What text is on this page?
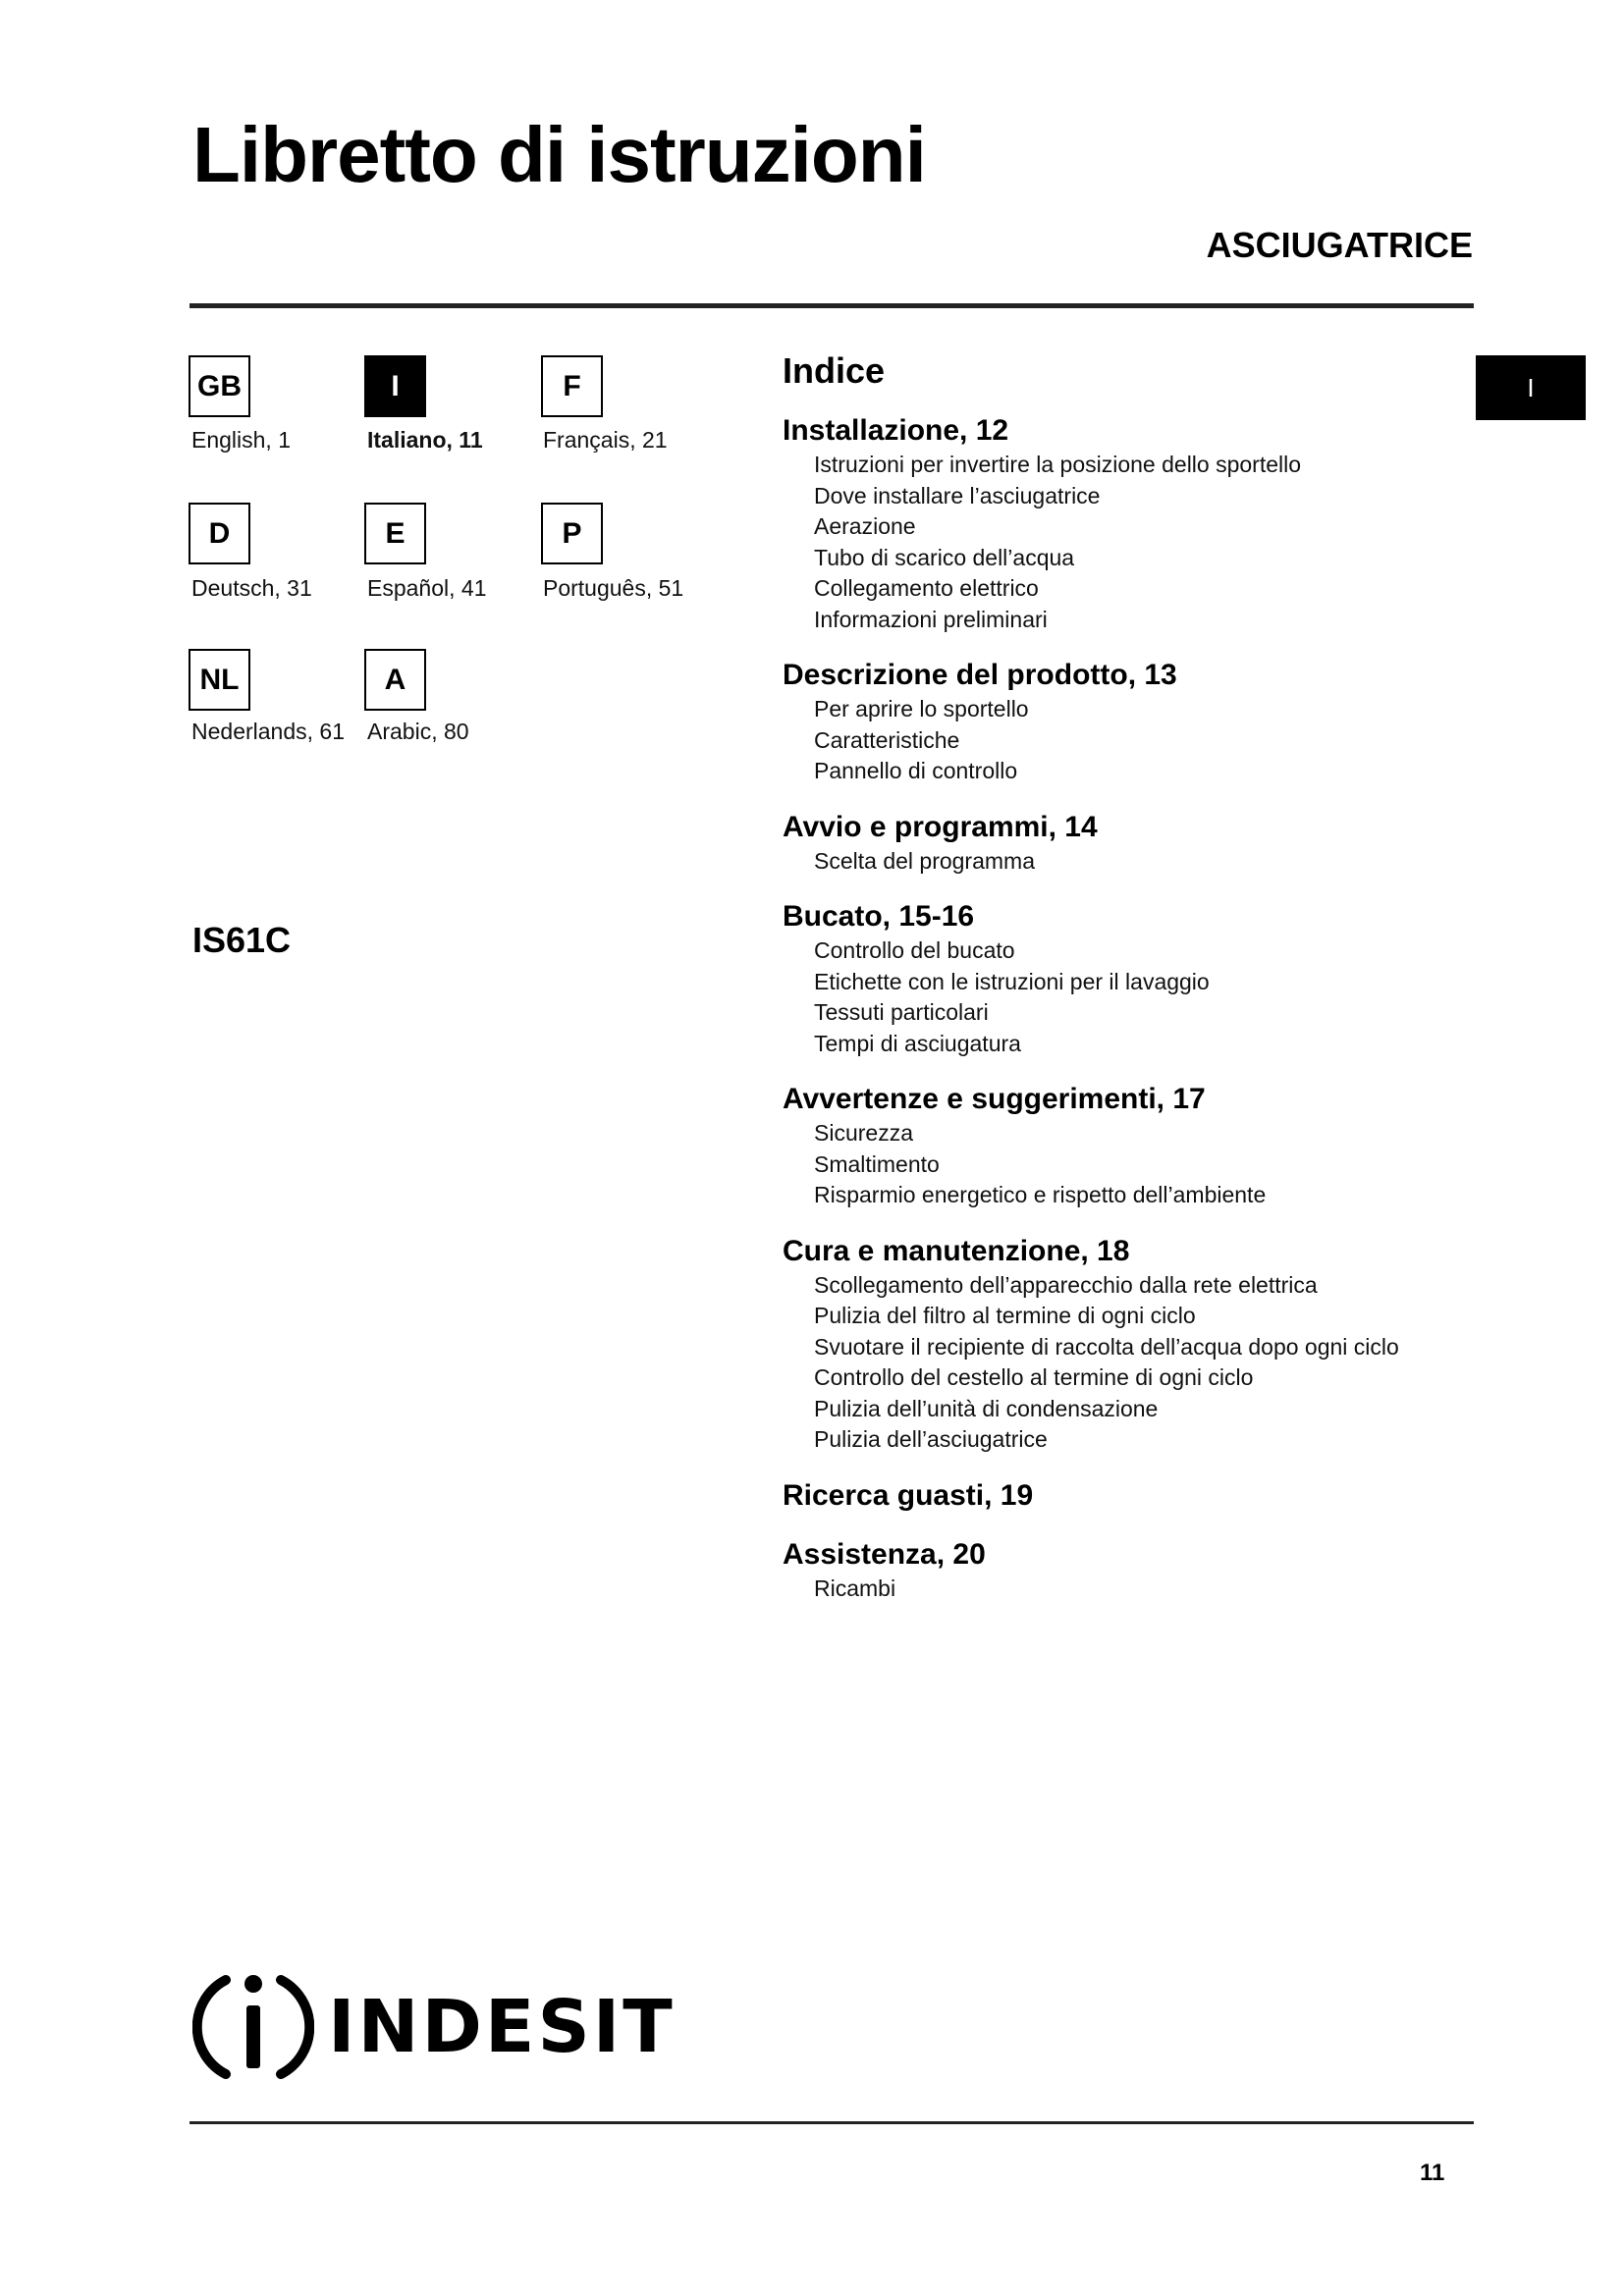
Libretto di istruzioni
ASCIUGATRICE
GB
English, 1
I
Italiano, 11
F
Français, 21
D
Deutsch, 31
E
Español, 41
P
Português, 51
NL
Nederlands, 61
A
Arabic, 80
IS61C
I
Indice
Installazione, 12
Istruzioni per invertire la posizione dello sportello
Dove installare l’asciugatrice
Aerazione
Tubo di scarico dell’acqua
Collegamento elettrico
Informazioni preliminari
Descrizione del prodotto, 13
Per aprire lo sportello
Caratteristiche
Pannello di controllo
Avvio e programmi, 14
Scelta del programma
Bucato, 15-16
Controllo del bucato
Etichette con le istruzioni per il lavaggio
Tessuti particolari
Tempi di asciugatura
Avvertenze e suggerimenti, 17
Sicurezza
Smaltimento
Risparmio energetico e rispetto dell’ambiente
Cura e manutenzione, 18
Scollegamento dell’apparecchio dalla rete elettrica
Pulizia del filtro al termine di ogni ciclo
Svuotare il recipiente di raccolta dell’acqua dopo ogni ciclo
Controllo del cestello al termine di ogni ciclo
Pulizia dell’unità di condensazione
Pulizia dell’asciugatrice
Ricerca guasti, 19
Assistenza, 20
Ricambi
INDESIT
11
